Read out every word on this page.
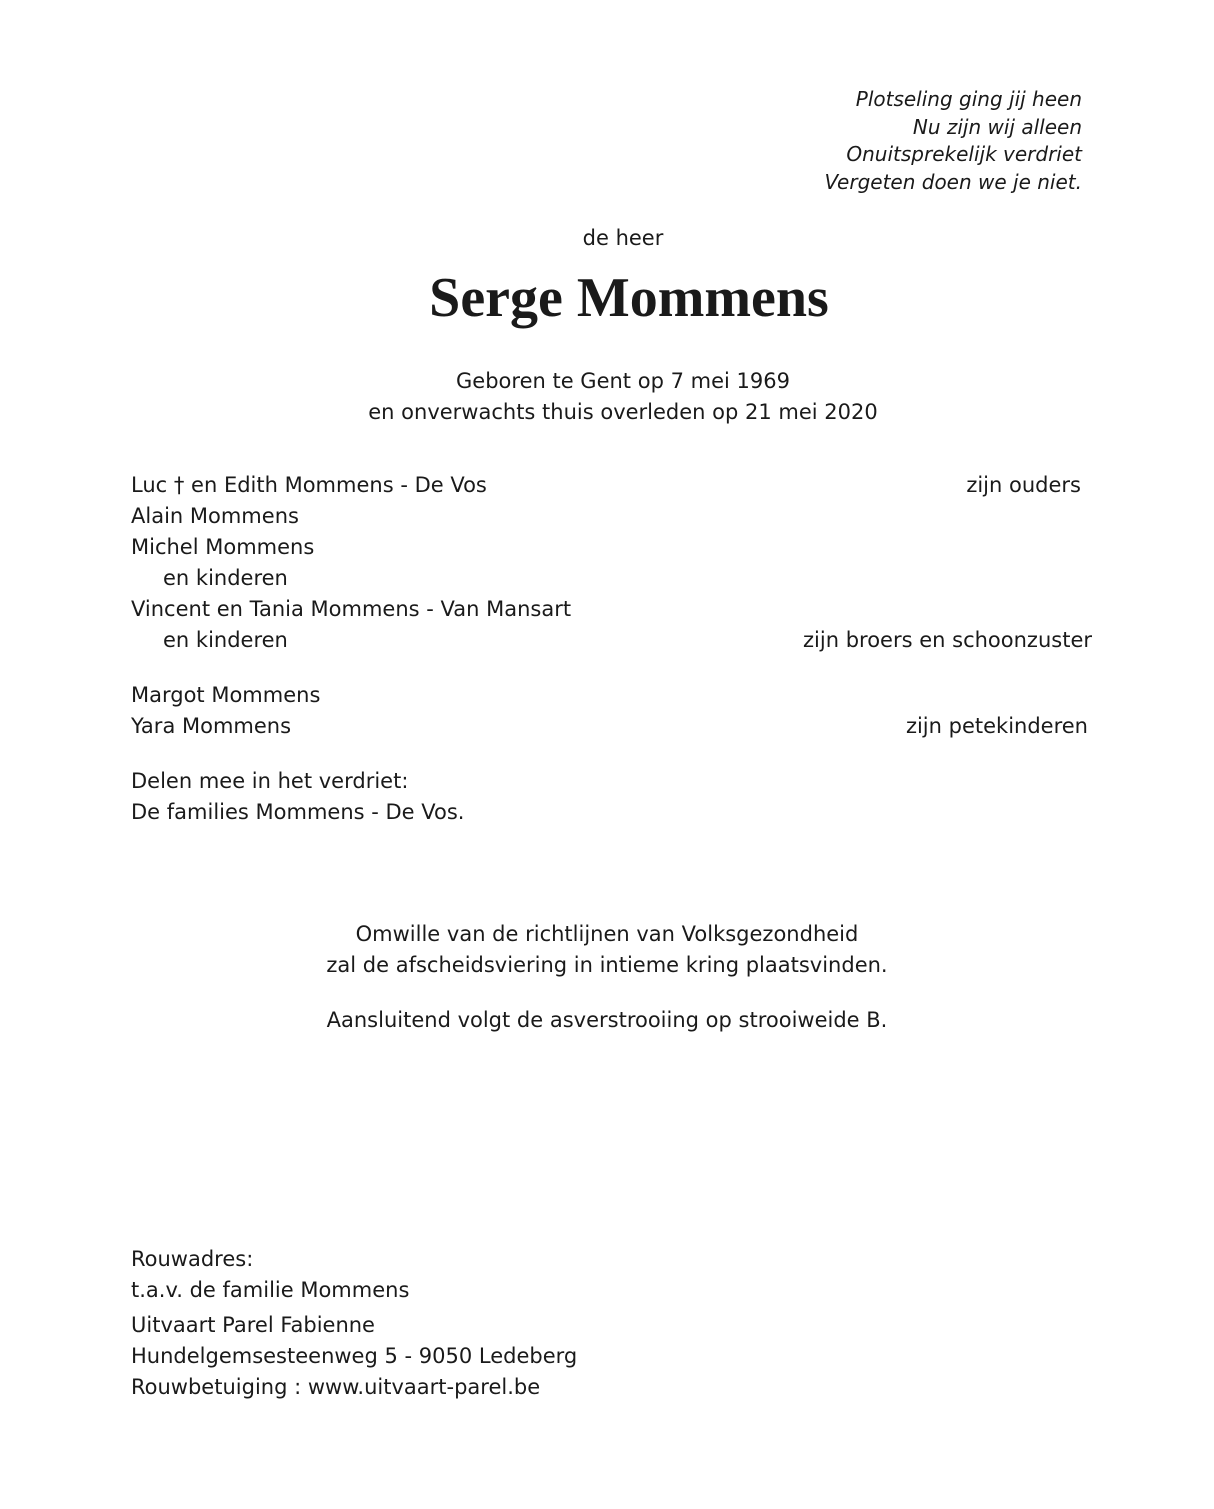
Plotseling ging jij heen
Nu zijn wij alleen
Onuitsprekelijk verdriet
Vergeten doen we je niet.
de heer
Serge Mommens
Geboren te Gent op 7 mei 1969
en onverwachts thuis overleden op 21 mei 2020
Luc † en Edith Mommens - De Vos	zijn ouders
Alain Mommens
Michel Mommens
en kinderen
Vincent en Tania Mommens - Van Mansart
en kinderen	zijn broers en schoonzuster
Margot Mommens
Yara Mommens	zijn petekinderen
Delen mee in het verdriet:
De families Mommens - De Vos.
Omwille van de richtlijnen van Volksgezondheid
zal de afscheidsviering in intieme kring plaatsvinden.
Aansluitend volgt de asverstrooiing op strooiweide B.
Rouwadres:
t.a.v. de familie Mommens
Uitvaart Parel Fabienne
Hundelgemsesteenweg 5 - 9050 Ledeberg
Rouwbetuiging : www.uitvaart-parel.be
